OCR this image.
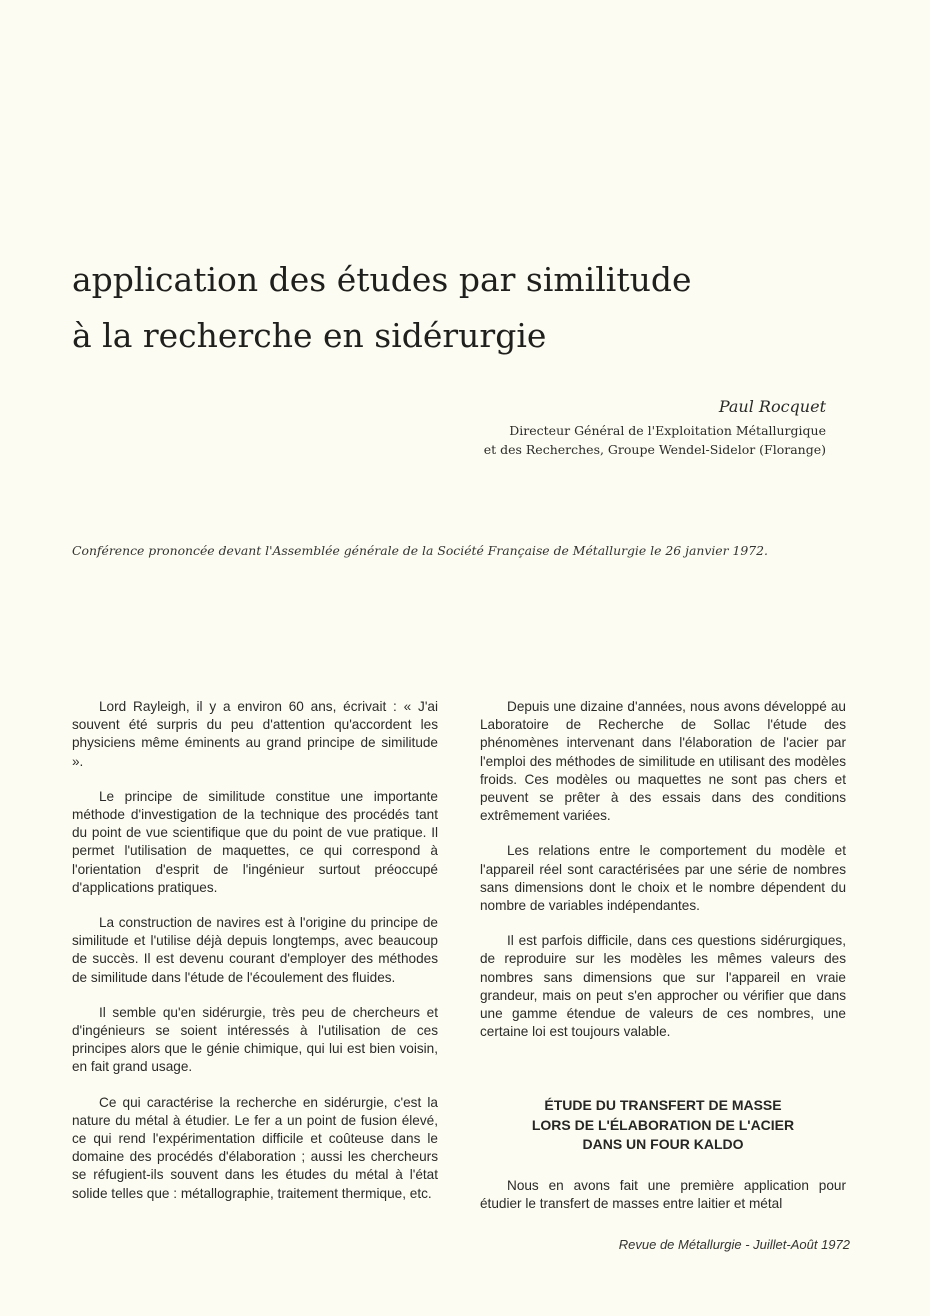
application des études par similitude
à la recherche en sidérurgie
Paul Rocquet
Directeur Général de l'Exploitation Métallurgique
et des Recherches, Groupe Wendel-Sidelor (Florange)
Conférence prononcée devant l'Assemblée générale de la Société Française de Métallurgie le 26 janvier 1972.

Lord Rayleigh, il y a environ 60 ans, écrivait : « J'ai souvent été surpris du peu d'attention qu'accordent les physiciens même éminents au grand principe de similitude ».

Le principe de similitude constitue une importante méthode d'investigation de la technique des procédés tant du point de vue scientifique que du point de vue pratique. Il permet l'utilisation de maquettes, ce qui correspond à l'orientation d'esprit de l'ingénieur surtout préoccupé d'applications pratiques.

La construction de navires est à l'origine du principe de similitude et l'utilise déjà depuis longtemps, avec beaucoup de succès. Il est devenu courant d'employer des méthodes de similitude dans l'étude de l'écoulement des fluides.

Il semble qu'en sidérurgie, très peu de chercheurs et d'ingénieurs se soient intéressés à l'utilisation de ces principes alors que le génie chimique, qui lui est bien voisin, en fait grand usage.

Ce qui caractérise la recherche en sidérurgie, c'est la nature du métal à étudier. Le fer a un point de fusion élevé, ce qui rend l'expérimentation difficile et coûteuse dans le domaine des procédés d'élaboration ; aussi les chercheurs se réfugient-ils souvent dans les études du métal à l'état solide telles que : métallographie, traitement thermique, etc.

Depuis une dizaine d'années, nous avons développé au Laboratoire de Recherche de Sollac l'étude des phénomènes intervenant dans l'élaboration de l'acier par l'emploi des méthodes de similitude en utilisant des modèles froids. Ces modèles ou maquettes ne sont pas chers et peuvent se prêter à des essais dans des conditions extrêmement variées.

Les relations entre le comportement du modèle et l'appareil réel sont caractérisées par une série de nombres sans dimensions dont le choix et le nombre dépendent du nombre de variables indépendantes.

Il est parfois difficile, dans ces questions sidérurgiques, de reproduire sur les modèles les mêmes valeurs des nombres sans dimensions que sur l'appareil en vraie grandeur, mais on peut s'en approcher ou vérifier que dans une gamme étendue de valeurs de ces nombres, une certaine loi est toujours valable.

ÉTUDE DU TRANSFERT DE MASSE
LORS DE L'ÉLABORATION DE L'ACIER
DANS UN FOUR KALDO

Nous en avons fait une première application pour étudier le transfert de masses entre laitier et métal

Revue de Métallurgie - Juillet-Août 1972
